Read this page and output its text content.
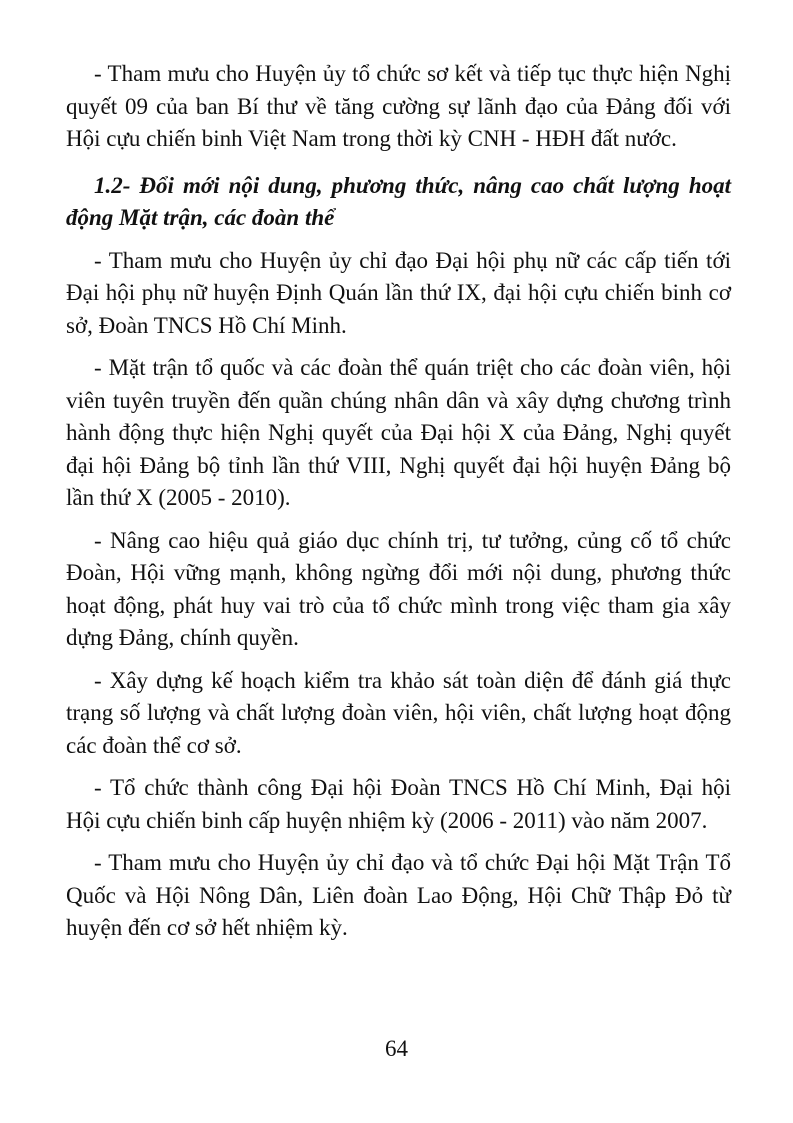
- Tham mưu cho Huyện ủy tổ chức sơ kết và tiếp tục thực hiện Nghị quyết 09 của ban Bí thư về tăng cường sự lãnh đạo của Đảng đối với Hội cựu chiến binh Việt Nam trong thời kỳ CNH - HĐH đất nước.

1.2- Đổi mới nội dung, phương thức, nâng cao chất lượng hoạt động Mặt trận, các đoàn thể

- Tham mưu cho Huyện ủy chỉ đạo Đại hội phụ nữ các cấp tiến tới Đại hội phụ nữ huyện Định Quán lần thứ IX, đại hội cựu chiến binh cơ sở, Đoàn TNCS Hồ Chí Minh.

- Mặt trận tổ quốc và các đoàn thể quán triệt cho các đoàn viên, hội viên tuyên truyền đến quần chúng nhân dân và xây dựng chương trình hành động thực hiện Nghị quyết của Đại hội X của Đảng, Nghị quyết đại hội Đảng bộ tỉnh lần thứ VIII, Nghị quyết đại hội huyện Đảng bộ lần thứ X (2005 - 2010).

- Nâng cao hiệu quả giáo dục chính trị, tư tưởng, củng cố tổ chức Đoàn, Hội vững mạnh, không ngừng đổi mới nội dung, phương thức hoạt động, phát huy vai trò của tổ chức mình trong việc tham gia xây dựng Đảng, chính quyền.

- Xây dựng kế hoạch kiểm tra khảo sát toàn diện để đánh giá thực trạng số lượng và chất lượng đoàn viên, hội viên, chất lượng hoạt động các đoàn thể cơ sở.

- Tổ chức thành công Đại hội Đoàn TNCS Hồ Chí Minh, Đại hội Hội cựu chiến binh cấp huyện nhiệm kỳ (2006 - 2011) vào năm 2007.

- Tham mưu cho Huyện ủy chỉ đạo và tổ chức Đại hội Mặt Trận Tổ Quốc và Hội Nông Dân, Liên đoàn Lao Động, Hội Chữ Thập Đỏ từ huyện đến cơ sở hết nhiệm kỳ.

64
